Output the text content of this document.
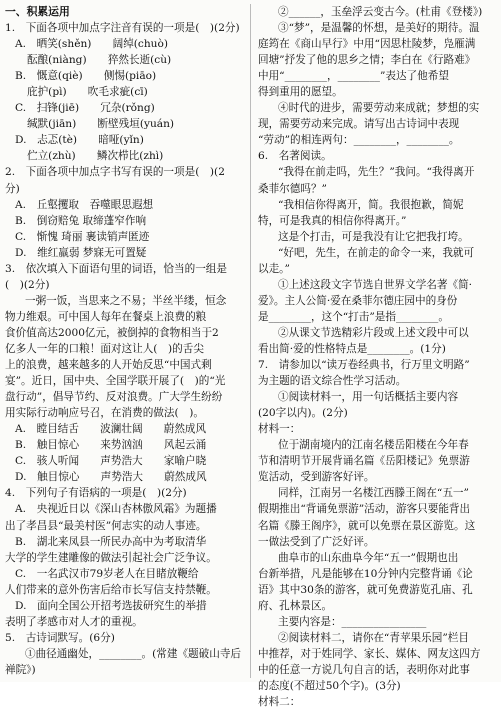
一、积累运用
1.　下面各项中加点字注音有误的一项是(　)(2分)
A.　晒笑(shěn)　　阔绰(chuò)
酝酿(niàng)　　猝然长逝(cù)
B.　慨意(qiè)　　侧惕(piāo)
庇护(pì)　　吹毛求疵(cī)
C.　扫锋(jiē)　　冗杂(rǒng)
缄默(jiān)　　断壁残垣(yuán)
D.　忐忑(tè)　　暗哑(yǐn)
伫立(zhù)　　鳞次栉比(zhì)
2.　下面各项中加点字书写有误的一项是(　)(2
分)
A.　丘壑攫取　吞噬眼思遐想
B.　倒窃赔兔 取缔蓬窄作响
C.　惭愧 琦丽 裹读销声匿迹
D.　维红羸弱 梦寐无可置疑
3.　依次填入下面语句里的词语，恰当的一组是
(　)(2分)
一粥一饭，当思来之不易；半丝半缕，恒念
物力维艰。可中国人每年在餐桌上浪费的粮
食价值高达2000亿元，被倒掉的食物相当于2
亿多人一年的口粮！面对这让人(　)的舌尖
上的浪费，越来越多的人开始反思“中国式剩
宴”。近日，国中央、全国学联开展了(　)的“光
盘行动”，倡导节约、反对浪费。广大学生纷纷
用实际行动响应号召，在消费的做法(　)。
A.　瞠目结舌　　波澜壮阔　　蔚然成风
B.　触目惊心　　来势汹汹　　风起云涌
C.　骇人听闻　　声势浩大　　家喻户晓
D.　触目惊心　　声势浩大　　蔚然成风
4.　下列句子有语病的一项是(　)(2分)
A.　央视近日以《深山杏林傲风霜》为题播
出了孝昌县“最美村医”何志实的动人事迹。
B.　湖北来凤县一所民办高中为考取清华
大学的学生建雕像的做法引起社会广泛争议。
C.　一名武汉市79岁老人在目睹放鞭给
人们带来的意外伤害后给市长写信支持禁鞭。
D.　面向全国公开招考选拔研究生的举措
表明了孝感市对人才的重视。
5.　古诗词默写。(6分)
①曲径通幽处，________。(常建《题破山寺后
禅院》)
②______，玉垒浮云变古今。(杜甫《登楼》)
③“梦”，是温馨的怀想，是美好的期待。温
庭筠在《商山早行》中用“因思杜陵梦，凫雁满
回塘”抒发了他的思乡之情；李白在《行路难》
中用“________，________”表达了他希望
得到重用的愿望。
④时代的进步，需要劳动来成就；梦想的实
现，需要劳动来完成。请写出古诗词中表现
“劳动”的相连两句：________，________。
6.　名著阅读。
“我得在前走吗，先生？”我问。“我得离开
桑菲尔德吗？”
“我相信你得离开，简。我很抱歉，简妮
特，可是我真的相信你得离开。”
这是个打击，可是我没有让它把我打垮。
“好吧，先生，在前走的命令一来，我就可
以走。”
①上述这段文字节选自世界文学名著《简·
爱》。主人公简·爱在桑菲尔德庄园中的身份
是________，这个“打击”是指________。
②从课文节选精彩片段或上述文段中可以
看出简·爱的性格特点是________。(1分)
7.　请参加以“读万卷经典书，行万里文明路”
为主题的语文综合性学习活动。
①阅读材料一，用一句话概括主要内容
(20字以内)。(2分)
材料一：
位于湖南境内的江南名楼岳阳楼在今年春
节和清明节开展背诵名篇《岳阳楼记》免票游
览活动，受到游客好评。
同样，江南另一名楼江西滕王阁在“五一”
假期推出“背诵免票游”活动，游客只要能背出
名篇《滕王阁序》，就可以免票在景区游览。这
一做法受到了广泛好评。
曲阜市的山东曲阜今年“五一”假期也出
台新举措，凡是能够在10分钟内完整背诵《论
语》其中30条的游客，就可免费游览孔庙、孔
府、孔林景区。
主要内容是：________________
②阅读材料二，请你在“青苹果乐园”栏目
中推荐，对于姓同学、家长、媒体、网友这四方
中的任意一方说几句自言的话，表明你对此事
的态度(不超过50个字)。(3分)
材料二：
